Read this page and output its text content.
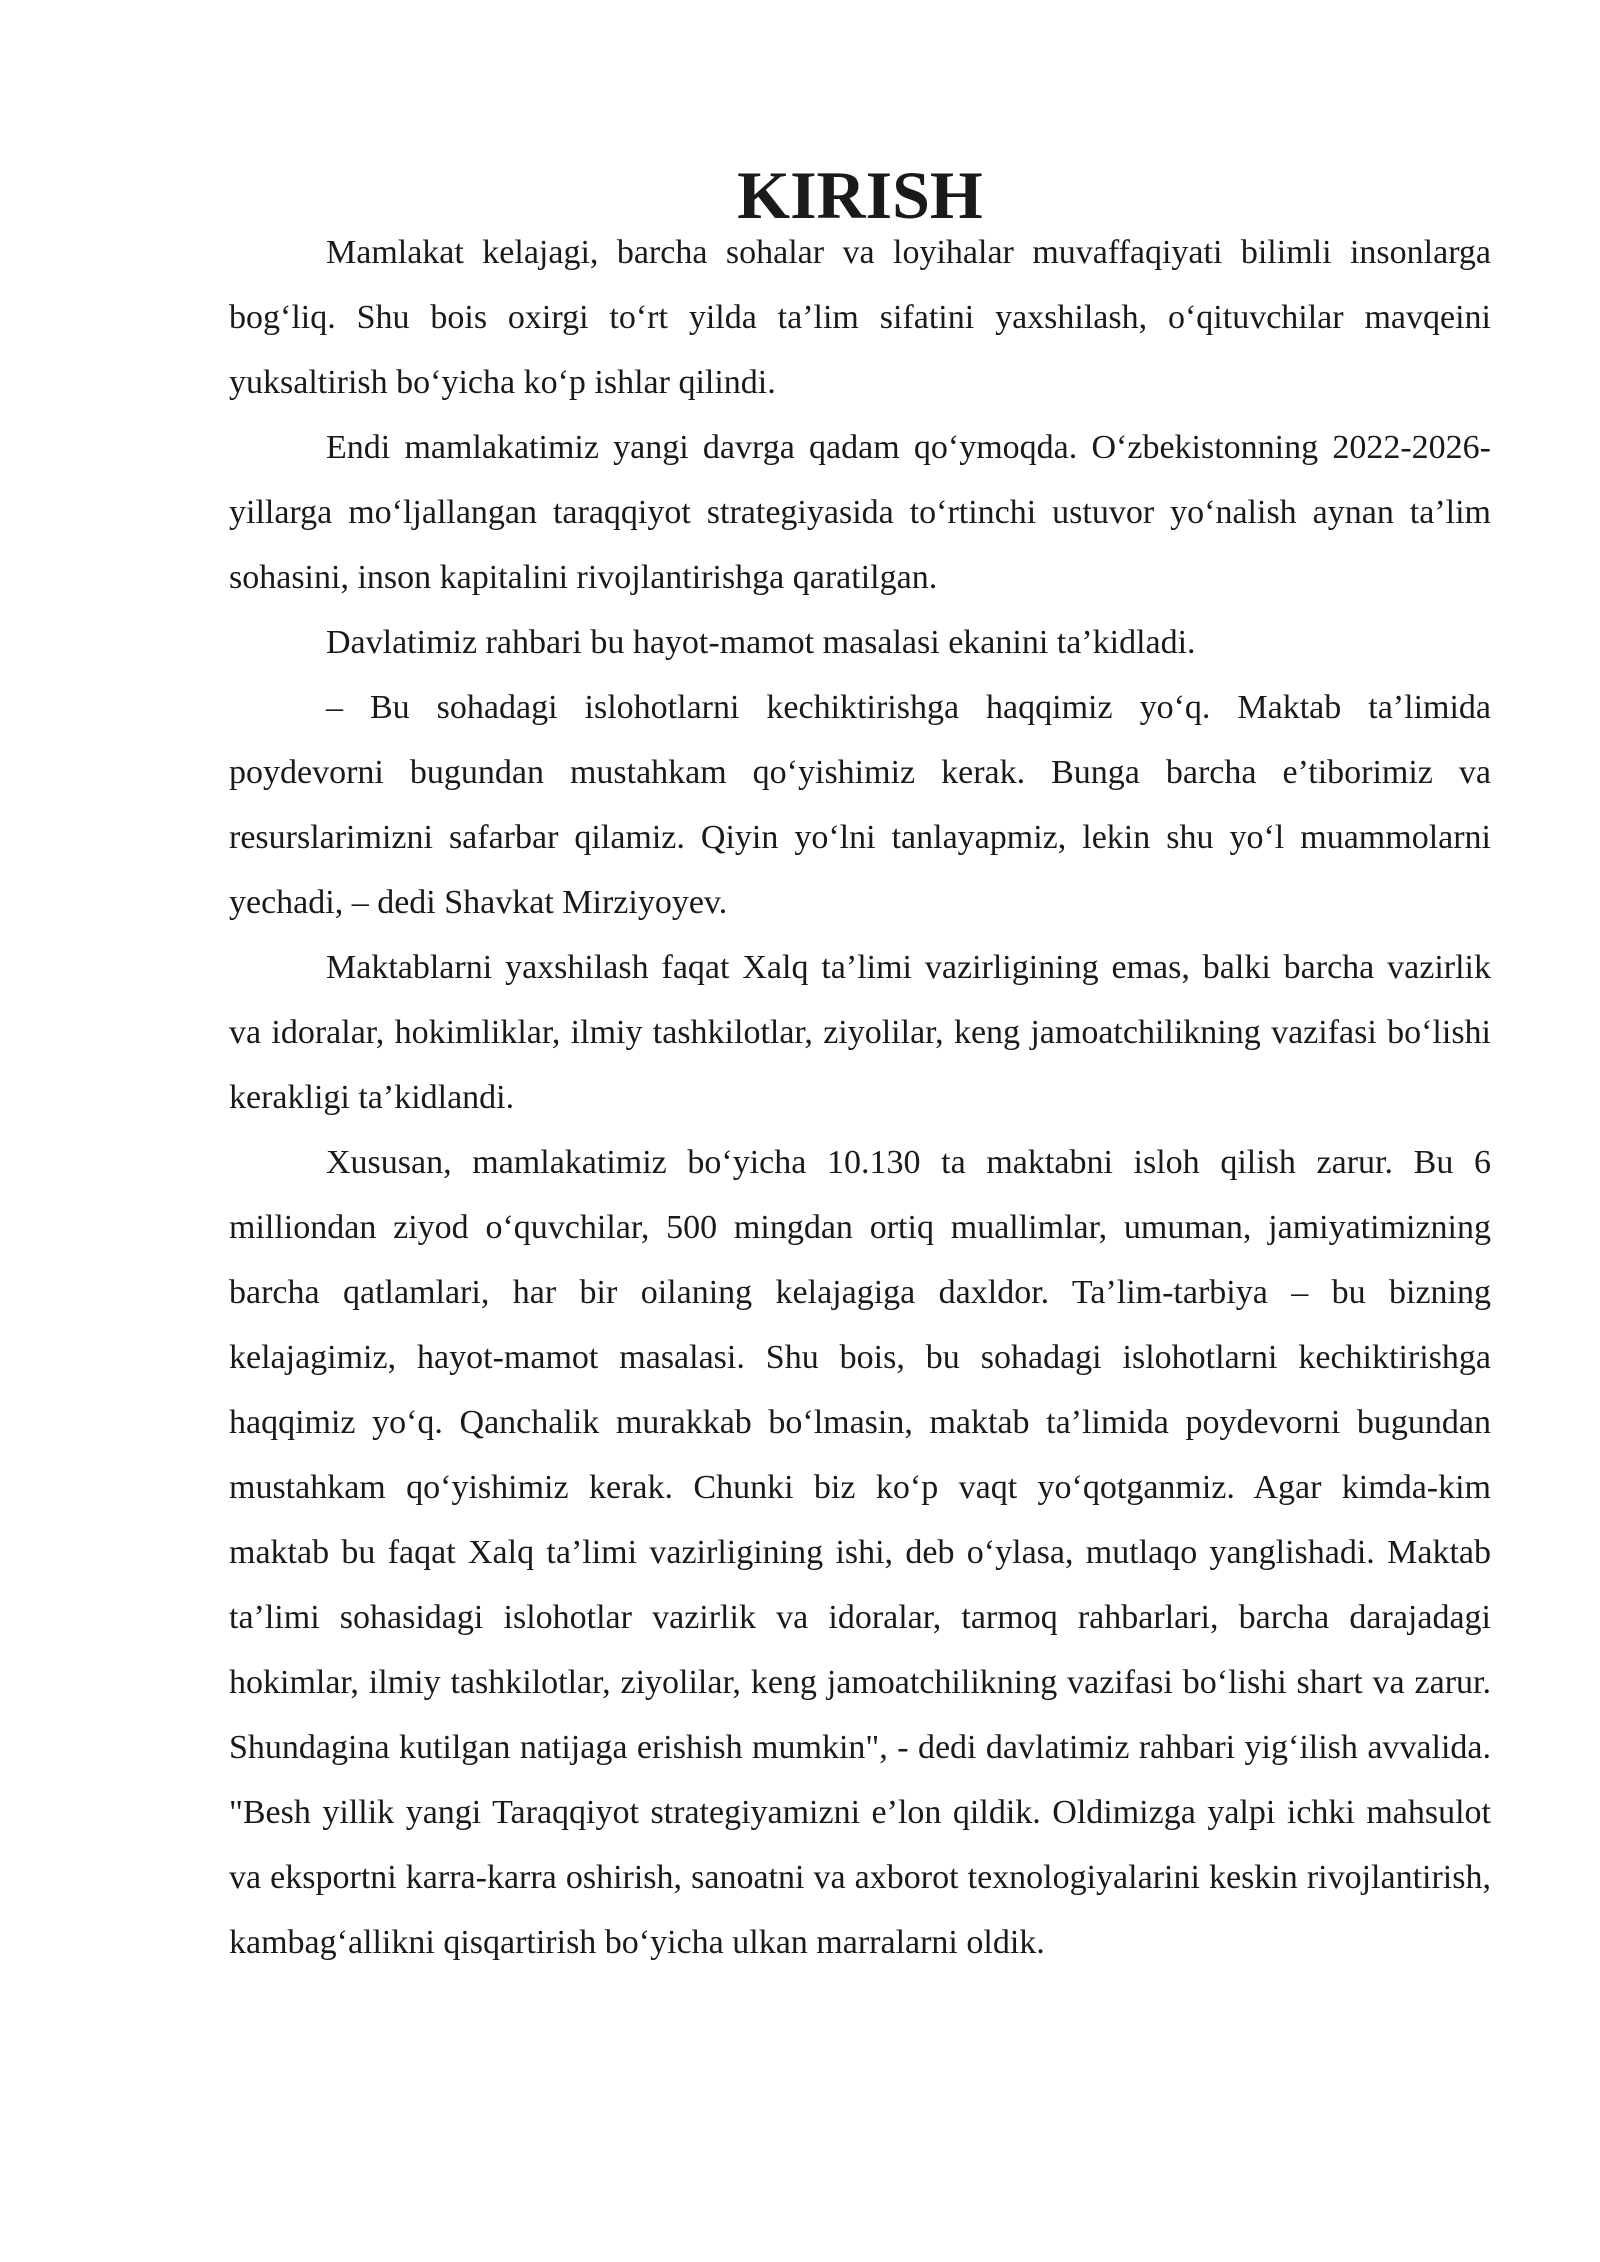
KIRISH

Mamlakat kelajagi, barcha sohalar va loyihalar muvaffaqiyati bilimli insonlarga bog‘liq. Shu bois oxirgi to‘rt yilda ta’lim sifatini yaxshilash, o‘qituvchilar mavqeini yuksaltirish bo‘yicha ko‘p ishlar qilindi.

Endi mamlakatimiz yangi davrga qadam qo‘ymoqda. O‘zbekistonning 2022-2026-yillarga mo‘ljallangan taraqqiyot strategiyasida to‘rtinchi ustuvor yo‘nalish aynan ta’lim sohasini, inson kapitalini rivojlantirishga qaratilgan.

Davlatimiz rahbari bu hayot-mamot masalasi ekanini ta’kidladi.

– Bu sohadagi islohotlarni kechiktirishga haqqimiz yo‘q. Maktab ta’limida poydevorni bugundan mustahkam qo‘yishimiz kerak. Bunga barcha e’tiborimiz va resurslarimizni safarbar qilamiz. Qiyin yo‘lni tanlayapmiz, lekin shu yo‘l muammolarni yechadi, – dedi Shavkat Mirziyoyev.

Maktablarni yaxshilash faqat Xalq ta’limi vazirligining emas, balki barcha vazirlik va idoralar, hokimliklar, ilmiy tashkilotlar, ziyolilar, keng jamoatchilikning vazifasi bo‘lishi kerakligi ta’kidlandi.

Xususan, mamlakatimiz bo‘yicha 10.130 ta maktabni isloh qilish zarur. Bu 6 milliondan ziyod o‘quvchilar, 500 mingdan ortiq muallimlar, umuman, jamiyatimizning barcha qatlamlari, har bir oilaning kelajagiga daxldor. Ta’lim-tarbiya – bu bizning kelajagimiz, hayot-mamot masalasi. Shu bois, bu sohadagi islohotlarni kechiktirishga haqqimiz yo‘q. Qanchalik murakkab bo‘lmasin, maktab ta’limida poydevorni bugundan mustahkam qo‘yishimiz kerak. Chunki biz ko‘p vaqt yo‘qotganmiz. Agar kimda-kim maktab bu faqat Xalq ta’limi vazirligining ishi, deb o‘ylasa, mutlaqo yanglishadi. Maktab ta’limi sohasidagi islohotlar vazirlik va idoralar, tarmoq rahbarlari, barcha darajadagi hokimlar, ilmiy tashkilotlar, ziyolilar, keng jamoatchilikning vazifasi bo‘lishi shart va zarur. Shundagina kutilgan natijaga erishish mumkin", - dedi davlatimiz rahbari yig‘ilish avvalida. "Besh yillik yangi Taraqqiyot strategiyamizni e’lon qildik. Oldimizga yalpi ichki mahsulot va eksportni karra-karra oshirish, sanoatni va axborot texnologiyalarini keskin rivojlantirish, kambag‘allikni qisqartirish bo‘yicha ulkan marralarni oldik.
